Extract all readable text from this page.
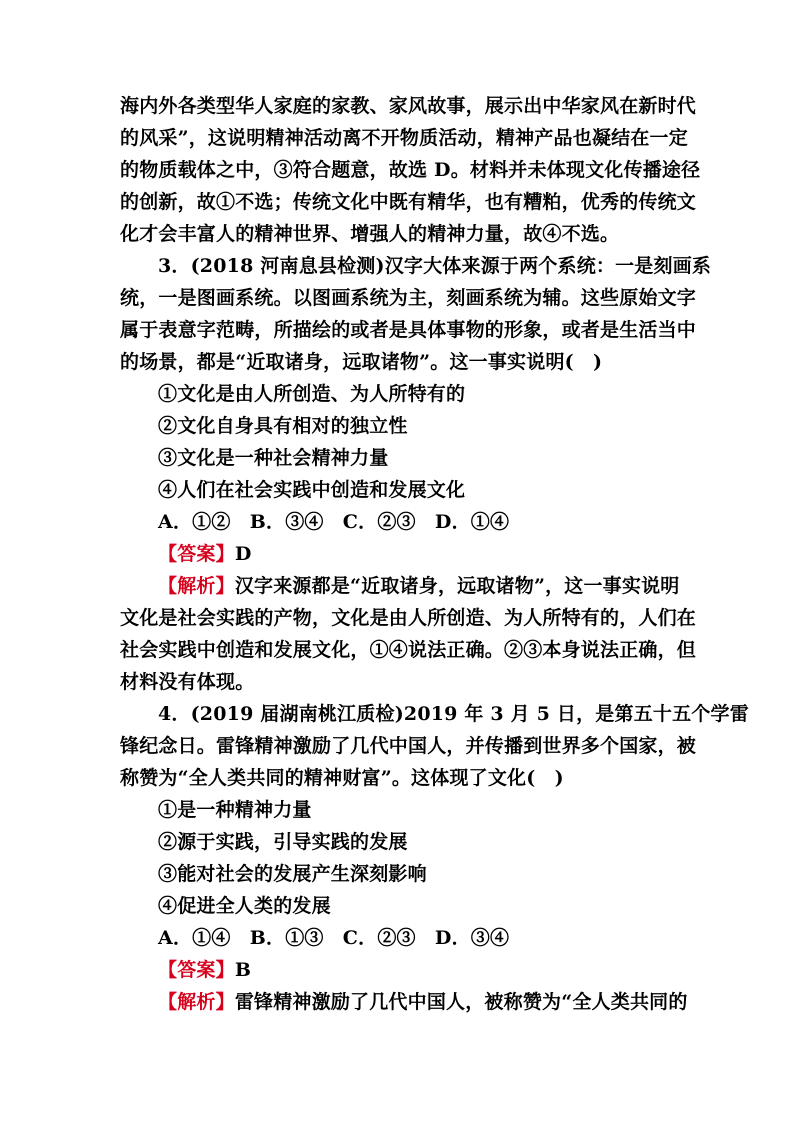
海内外各类型华人家庭的家教、家风故事，展示出中华家风在新时代
的风采”，这说明精神活动离不开物质活动，精神产品也凝结在一定
的物质载体之中，③符合题意，故选 D。材料并未体现文化传播途径
的创新，故①不选；传统文化中既有精华，也有糟粕，优秀的传统文
化才会丰富人的精神世界、增强人的精神力量，故④不选。
3．(2018 河南息县检测)汉字大体来源于两个系统：一是刻画系
统，一是图画系统。以图画系统为主，刻画系统为辅。这些原始文字
属于表意字范畴，所描绘的或者是具体事物的形象，或者是生活当中
的场景，都是“近取诸身，远取诸物”。这一事实说明(　)
①文化是由人所创造、为人所特有的
②文化自身具有相对的独立性
③文化是一种社会精神力量
④人们在社会实践中创造和发展文化
A．①②　B．③④　C．②③　D．①④
【答案】D
【解析】汉字来源都是“近取诸身，远取诸物”，这一事实说明
文化是社会实践的产物，文化是由人所创造、为人所特有的，人们在
社会实践中创造和发展文化，①④说法正确。②③本身说法正确，但
材料没有体现。
4．(2019 届湖南桃江质检)2019 年 3 月 5 日，是第五十五个学雷
锋纪念日。雷锋精神激励了几代中国人，并传播到世界多个国家，被
称赞为“全人类共同的精神财富”。这体现了文化(　)
①是一种精神力量
②源于实践，引导实践的发展
③能对社会的发展产生深刻影响
④促进全人类的发展
A．①④　B．①③　C．②③　D．③④
【答案】B
【解析】雷锋精神激励了几代中国人，被称赞为“全人类共同的
